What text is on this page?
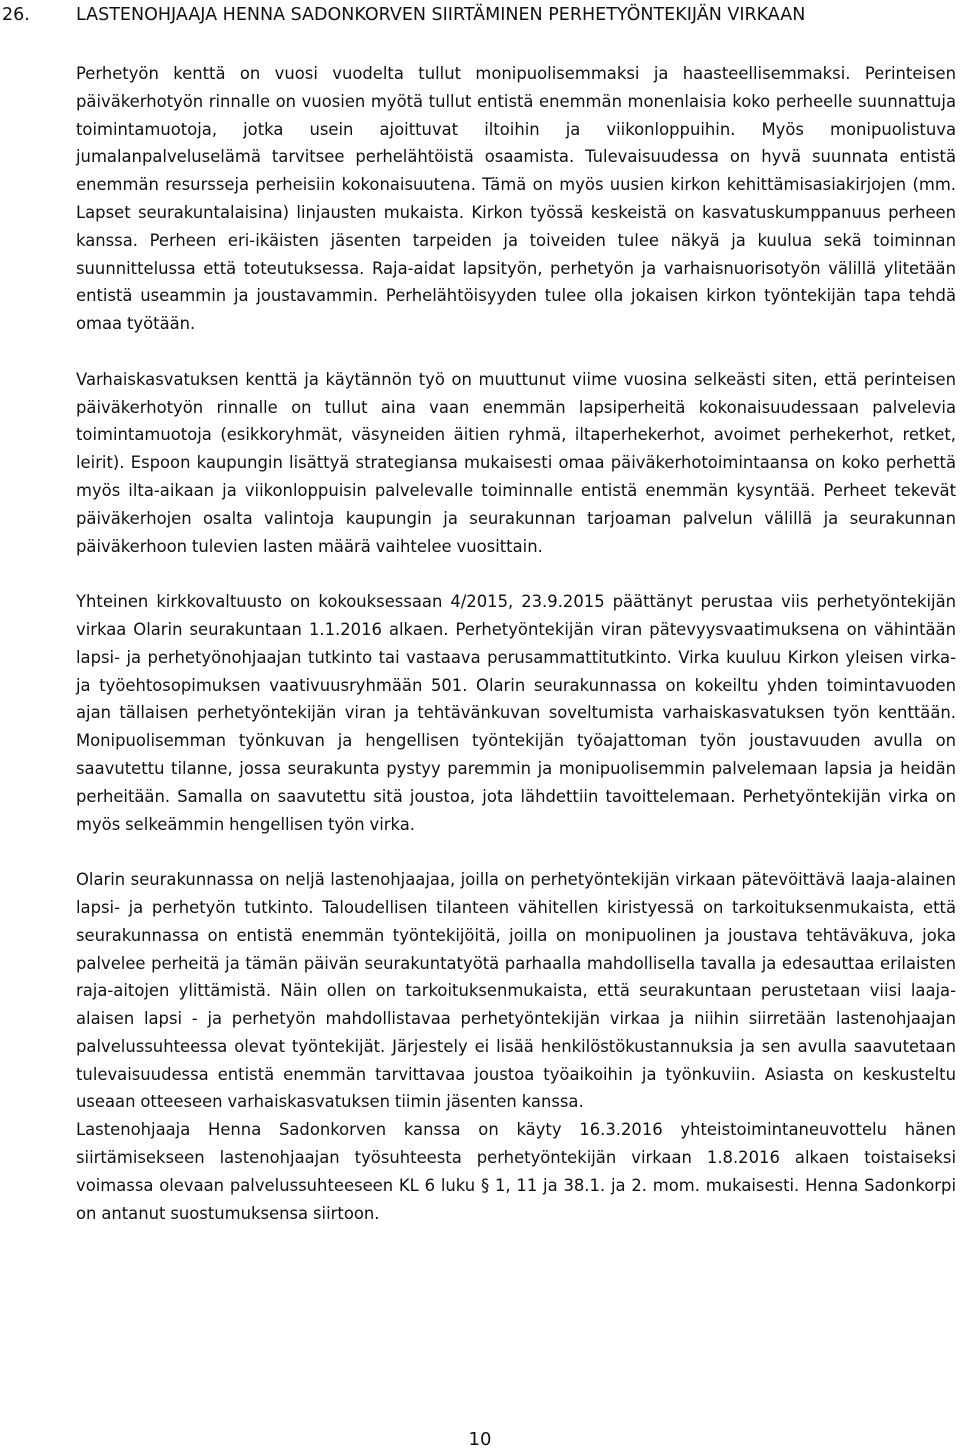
26.	LASTENOHJAAJA HENNA SADONKORVEN SIIRTÄMINEN PERHETYÖNTEKIJÄN VIRKAAN

Perhetyön kenttä on vuosi vuodelta tullut monipuolisemmaksi ja haasteellisemmaksi. Perinteisen päiväkerhotyön rinnalle on vuosien myötä tullut entistä enemmän monenlaisia koko perheelle suunnattuja toimintamuotoja, jotka usein ajoittuvat iltoihin ja viikonloppuihin. Myös monipuolistuva jumalanpalveluselämä tarvitsee perhelähtöistä osaamista. Tulevaisuudessa on hyvä suunnata entistä enemmän resursseja perheisiin kokonaisuutena. Tämä on myös uusien kirkon kehittämisasiakirjojen (mm. Lapset seurakuntalaisina) linjausten mukaista. Kirkon työssä keskeistä on kasvatuskumppanuus perheen kanssa. Perheen eri-ikäisten jäsenten tarpeiden ja toiveiden tulee näkyä ja kuulua sekä toiminnan suunnittelussa että toteutuksessa. Raja-aidat lapsityön, perhetyön ja varhaisnuorisotyön välillä ylitetään entistä useammin ja joustavammin. Perhelähtöisyyden tulee olla jokaisen kirkon työntekijän tapa tehdä omaa työtään.

Varhaiskasvatuksen kenttä ja käytännön työ on muuttunut viime vuosina selkeästi siten, että perinteisen päiväkerhotyön rinnalle on tullut aina vaan enemmän lapsiperheitä kokonaisuudessaan palvelevia toimintamuotoja (esikkoryhmät, väsyneiden äitien ryhmä, iltaperhekerhot, avoimet perhekerhot, retket, leirit). Espoon kaupungin lisättyä strategiansa mukaisesti omaa päiväkerhotoimintaansa on koko perhettä myös ilta-aikaan ja viikonloppuisin palvelevalle toiminnalle entistä enemmän kysyntää. Perheet tekevät päiväkerhojen osalta valintoja kaupungin ja seurakunnan tarjoaman palvelun välillä ja seurakunnan päiväkerhoon tulevien lasten määrä vaihtelee vuosittain.

Yhteinen kirkkovaltuusto on kokouksessaan 4/2015, 23.9.2015 päättänyt perustaa viis perhetyöntekijän virkaa Olarin seurakuntaan 1.1.2016 alkaen. Perhetyöntekijän viran pätevyysvaatimuksena on vähintään lapsi- ja perhetyönohjaajan tutkinto tai vastaava perusammattitutkinto. Virka kuuluu Kirkon yleisen virka- ja työehtosopimuksen vaativuusryhmään 501. Olarin seurakunnassa on kokeiltu yhden toimintavuoden ajan tällaisen perhetyöntekijän viran ja tehtävänkuvan soveltumista varhaiskasvatuksen työn kenttään. Monipuolisemman työnkuvan ja hengellisen työntekijän työajattoman työn joustavuuden avulla on saavutettu tilanne, jossa seurakunta pystyy paremmin ja monipuolisemmin palvelemaan lapsia ja heidän perheitään. Samalla on saavutettu sitä joustoa, jota lähdettiin tavoittelemaan. Perhetyöntekijän virka on myös selkeämmin hengellisen työn virka.

Olarin seurakunnassa on neljä lastenohjaajaa, joilla on perhetyöntekijän virkaan pätevöittävä laaja-alainen lapsi- ja perhetyön tutkinto. Taloudellisen tilanteen vähitellen kiristyessä on tarkoituksenmukaista, että seurakunnassa on entistä enemmän työntekijöitä, joilla on monipuolinen ja joustava tehtäväkuva, joka palvelee perheitä ja tämän päivän seurakuntatyötä parhaalla mahdollisella tavalla ja edesauttaa erilaisten raja-aitojen ylittämistä. Näin ollen on tarkoituksenmukaista, että seurakuntaan perustetaan viisi laaja-alaisen lapsi - ja perhetyön mahdollistavaa perhetyöntekijän virkaa ja niihin siirretään lastenohjaajan palvelussuhteessa olevat työntekijät. Järjestely ei lisää henkilöstökustannuksia ja sen avulla saavutetaan tulevaisuudessa entistä enemmän tarvittavaa joustoa työaikoihin ja työnkuviin. Asiasta on keskusteltu useaan otteeseen varhaiskasvatuksen tiimin jäsenten kanssa.

Lastenohjaaja Henna Sadonkorven kanssa on käyty 16.3.2016 yhteistoimintaneuvottelu hänen siirtämisekseen lastenohjaajan työsuhteesta perhetyöntekijän virkaan 1.8.2016 alkaen toistaiseksi voimassa olevaan palvelussuhteeseen KL 6 luku § 1, 11 ja 38.1. ja 2. mom. mukaisesti. Henna Sadonkorpi on antanut suostumuksensa siirtoon.

10
